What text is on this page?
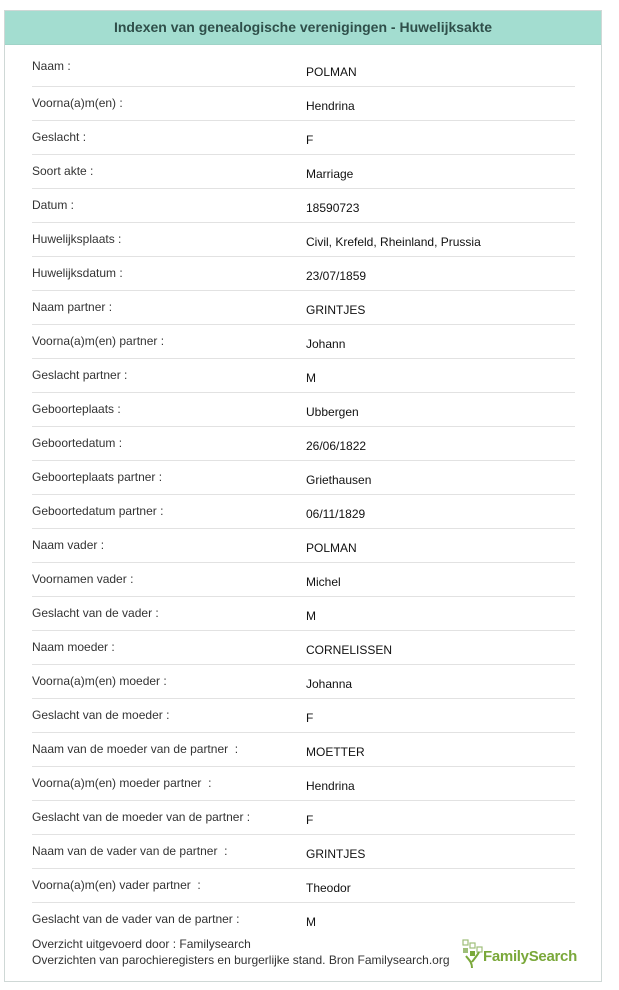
Indexen van genealogische verenigingen - Huwelijksakte
Naam :	POLMAN
Voorna(a)m(en) :	Hendrina
Geslacht :	F
Soort akte :	Marriage
Datum :	18590723
Huwelijksplaats :	Civil, Krefeld, Rheinland, Prussia
Huwelijksdatum :	23/07/1859
Naam partner :	GRINTJES
Voorna(a)m(en) partner :	Johann
Geslacht partner :	M
Geboorteplaats :	Ubbergen
Geboortedatum :	26/06/1822
Geboorteplaats partner :	Griethausen
Geboortedatum partner :	06/11/1829
Naam vader :	POLMAN
Voornamen vader :	Michel
Geslacht van de vader :	M
Naam moeder :	CORNELISSEN
Voorna(a)m(en) moeder :	Johanna
Geslacht van de moeder :	F
Naam van de moeder van de partner  :	MOETTER
Voorna(a)m(en) moeder partner  :	Hendrina
Geslacht van de moeder van de partner :	F
Naam van de vader van de partner  :	GRINTJES
Voorna(a)m(en) vader partner  :	Theodor
Geslacht van de vader van de partner :	M
Overzicht uitgevoerd door : Familysearch
Overzichten van parochieregisters en burgerlijke stand. Bron Familysearch.org FamilySearch
